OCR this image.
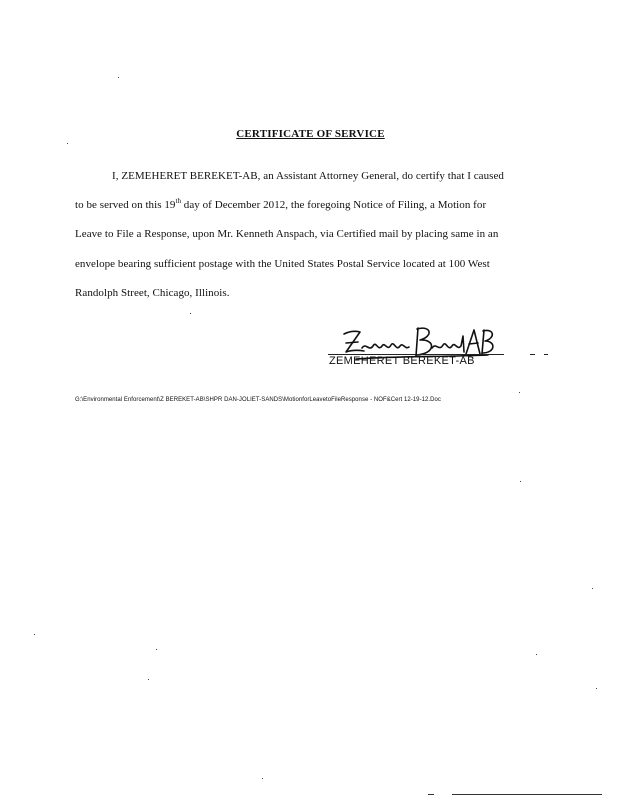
CERTIFICATE OF SERVICE
I, ZEMEHERET BEREKET-AB, an Assistant Attorney General, do certify that I caused
to be served on this 19th day of December 2012, the foregoing Notice of Filing, a Motion for
Leave to File a Response, upon Mr. Kenneth Anspach, via Certified mail by placing same in an
envelope bearing sufficient postage with the United States Postal Service located at 100 West
Randolph Street, Chicago, Illinois.
ZEMEHERET BEREKET-AB
G:\Environmental Enforcement\Z BEREKET-AB\SHPR DAN-JOLIET-SANDS\MotionforLeavetoFileResponse - NOF&Cert 12-19-12.Doc
